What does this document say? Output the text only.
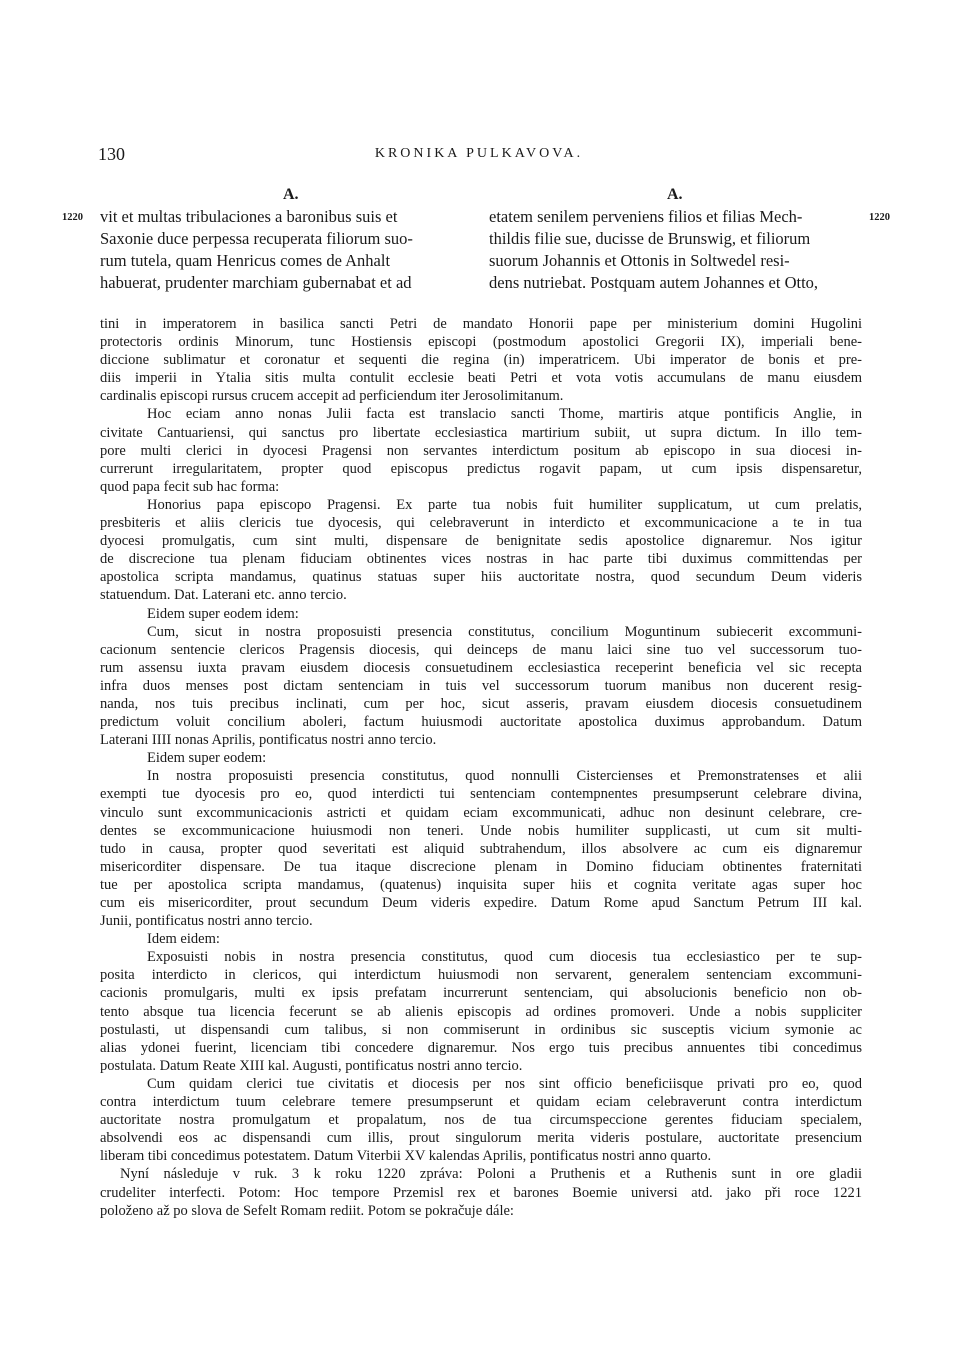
130	KRONIKA PULKAVOVA.
A.
1220 vit et multas tribulaciones a baronibus suis et
Saxonie duce perpessa recuperata filiorum suo-
rum tutela, quam Henricus comes de Anhalt
habuerat, prudenter marchiam gubernabat et ad
A.
1220
etatem senilem perveniens filios et filias Mech-
thildis filie sue, ducisse de Brunswig, et filiorum
suorum Johannis et Ottonis in Soltwedel resi-
dens nutriebat. Postquam autem Johannes et Otto,
tini in imperatorem in basilica sancti Petri de mandato Honorii pape per ministerium domini Hugolini
protectoris ordinis Minorum, tunc Hostiensis episcopi (postmodum apostolici Gregorii IX), imperiali bene-
diccione sublimatur et coronatur et sequenti die regina (in) imperatricem. Ubi imperator de bonis et pre-
diis imperii in Ytalia sitis multa contulit ecclesie beati Petri et vota votis accumulans de manu eiusdem
cardinalis episcopi rursus crucem accepit ad perficiendum iter Jerosolimitanum.
Hoc eciam anno nonas Julii facta est translacio sancti Thome, martiris atque pontificis Anglie, in
civitate Cantuariensi, qui sanctus pro libertate ecclesiastica martirium subiit, ut supra dictum. In illo tem-
pore multi clerici in dyocesi Pragensi non servantes interdictum positum ab episcopo in sua diocesi in-
currerunt irregularitatem, propter quod episcopus predictus rogavit papam, ut cum ipsis dispensaretur,
quod papa fecit sub hac forma:
Honorius papa episcopo Pragensi. Ex parte tua nobis fuit humiliter supplicatum, ut cum prelatis,
presbiteris et aliis clericis tue dyocesis, qui celebraverunt in interdicto et excommunicacione a te in tua
dyocesi promulgatis, cum sint multi, dispensare de benignitate sedis apostolice dignaremur. Nos igitur
de discrecione tua plenam fiduciam obtinentes vices nostras in hac parte tibi duximus committendas per
apostolica scripta mandamus, quatinus statuas super hiis auctoritate nostra, quod secundum Deum videris
statuendum. Dat. Laterani etc. anno tercio.
Eidem super eodem idem:
Cum, sicut in nostra proposuisti presencia constitutus, concilium Moguntinum subiecerit excommuni-
cacionum sentencie clericos Pragensis diocesis, qui deinceps de manu laici sine tuo vel successorum tuo-
rum assensu iuxta pravam eiusdem diocesis consuetudinem ecclesiastica receperint beneficia vel sic recepta
infra duos menses post dictam sentenciam in tuis vel successorum tuorum manibus non ducerent resig-
nanda, nos tuis precibus inclinati, cum per hoc, sicut asseris, pravam eiusdem diocesis consuetudinem
predictum voluit concilium aboleri, factum huiusmodi auctoritate apostolica duximus approbandum. Datum
Laterani IIII nonas Aprilis, pontificatus nostri anno tercio.
Eidem super eodem:
In nostra proposuisti presencia constitutus, quod nonnulli Cistercienses et Premonstratenses et alii
exempti tue dyocesis pro eo, quod interdicti tui sentenciam contempnentes presumpserunt celebrare divina,
vinculo sunt excommunicacionis astricti et quidam eciam excommunicati, adhuc non desinunt celebrare, cre-
dentes se excommunicacione huiusmodi non teneri. Unde nobis humiliter supplicasti, ut cum sit multi-
tudo in causa, propter quod severitati est aliquid subtrahendum, illos absolvere ac cum eis dignaremur
misericorditer dispensare. De tua itaque discrecione plenam in Domino fiduciam obtinentes fraternitati
tue per apostolica scripta mandamus, (quatenus) inquisita super hiis et cognita veritate agas super hoc
cum eis misericorditer, prout secundum Deum videris expedire. Datum Rome apud Sanctum Petrum III kal.
Junii, pontificatus nostri anno tercio.
Idem eidem:
Exposuisti nobis in nostra presencia constitutus, quod cum diocesis tua ecclesiastico per te sup-
posita interdicto in clericos, qui interdictum huiusmodi non servarent, generalem sentenciam excommuni-
cacionis promulgaris, multi ex ipsis prefatam incurrerunt sentenciam, qui absolucionis beneficio non ob-
tento absque tua licencia fecerunt se ab alienis episcopis ad ordines promoveri. Unde a nobis suppliciter
postulasti, ut dispensandi cum talibus, si non commiserunt in ordinibus sic susceptis vicium symonie ac
alias ydonei fuerint, licenciam tibi concedere dignaremur. Nos ergo tuis precibus annuentes tibi concedimus
postulata. Datum Reate XIII kal. Augusti, pontificatus nostri anno tercio.
Cum quidam clerici tue civitatis et diocesis per nos sint officio beneficiisque privati pro eo, quod
contra interdictum tuum celebrare temere presumpserunt et quidam eciam celebraverunt contra interdictum
auctoritate nostra promulgatum et propalatum, nos de tua circumspeccione gerentes fiduciam specialem,
absolvendi eos ac dispensandi cum illis, prout singulorum merita videris postulare, auctoritate presencium
liberam tibi concedimus potestatem. Datum Viterbii XV kalendas Aprilis, pontificatus nostri anno quarto.
Nyní následuje v ruk. 3 k roku 1220 zpráva: Poloni a Pruthenis et a Ruthenis sunt in ore gladii
crudeliter interfecti. Potom: Hoc tempore Przemisl rex et barones Boemie universi atd. jako při roce 1221
položeno až po slova de Sefelt Romam rediit. Potom se pokračuje dále:
